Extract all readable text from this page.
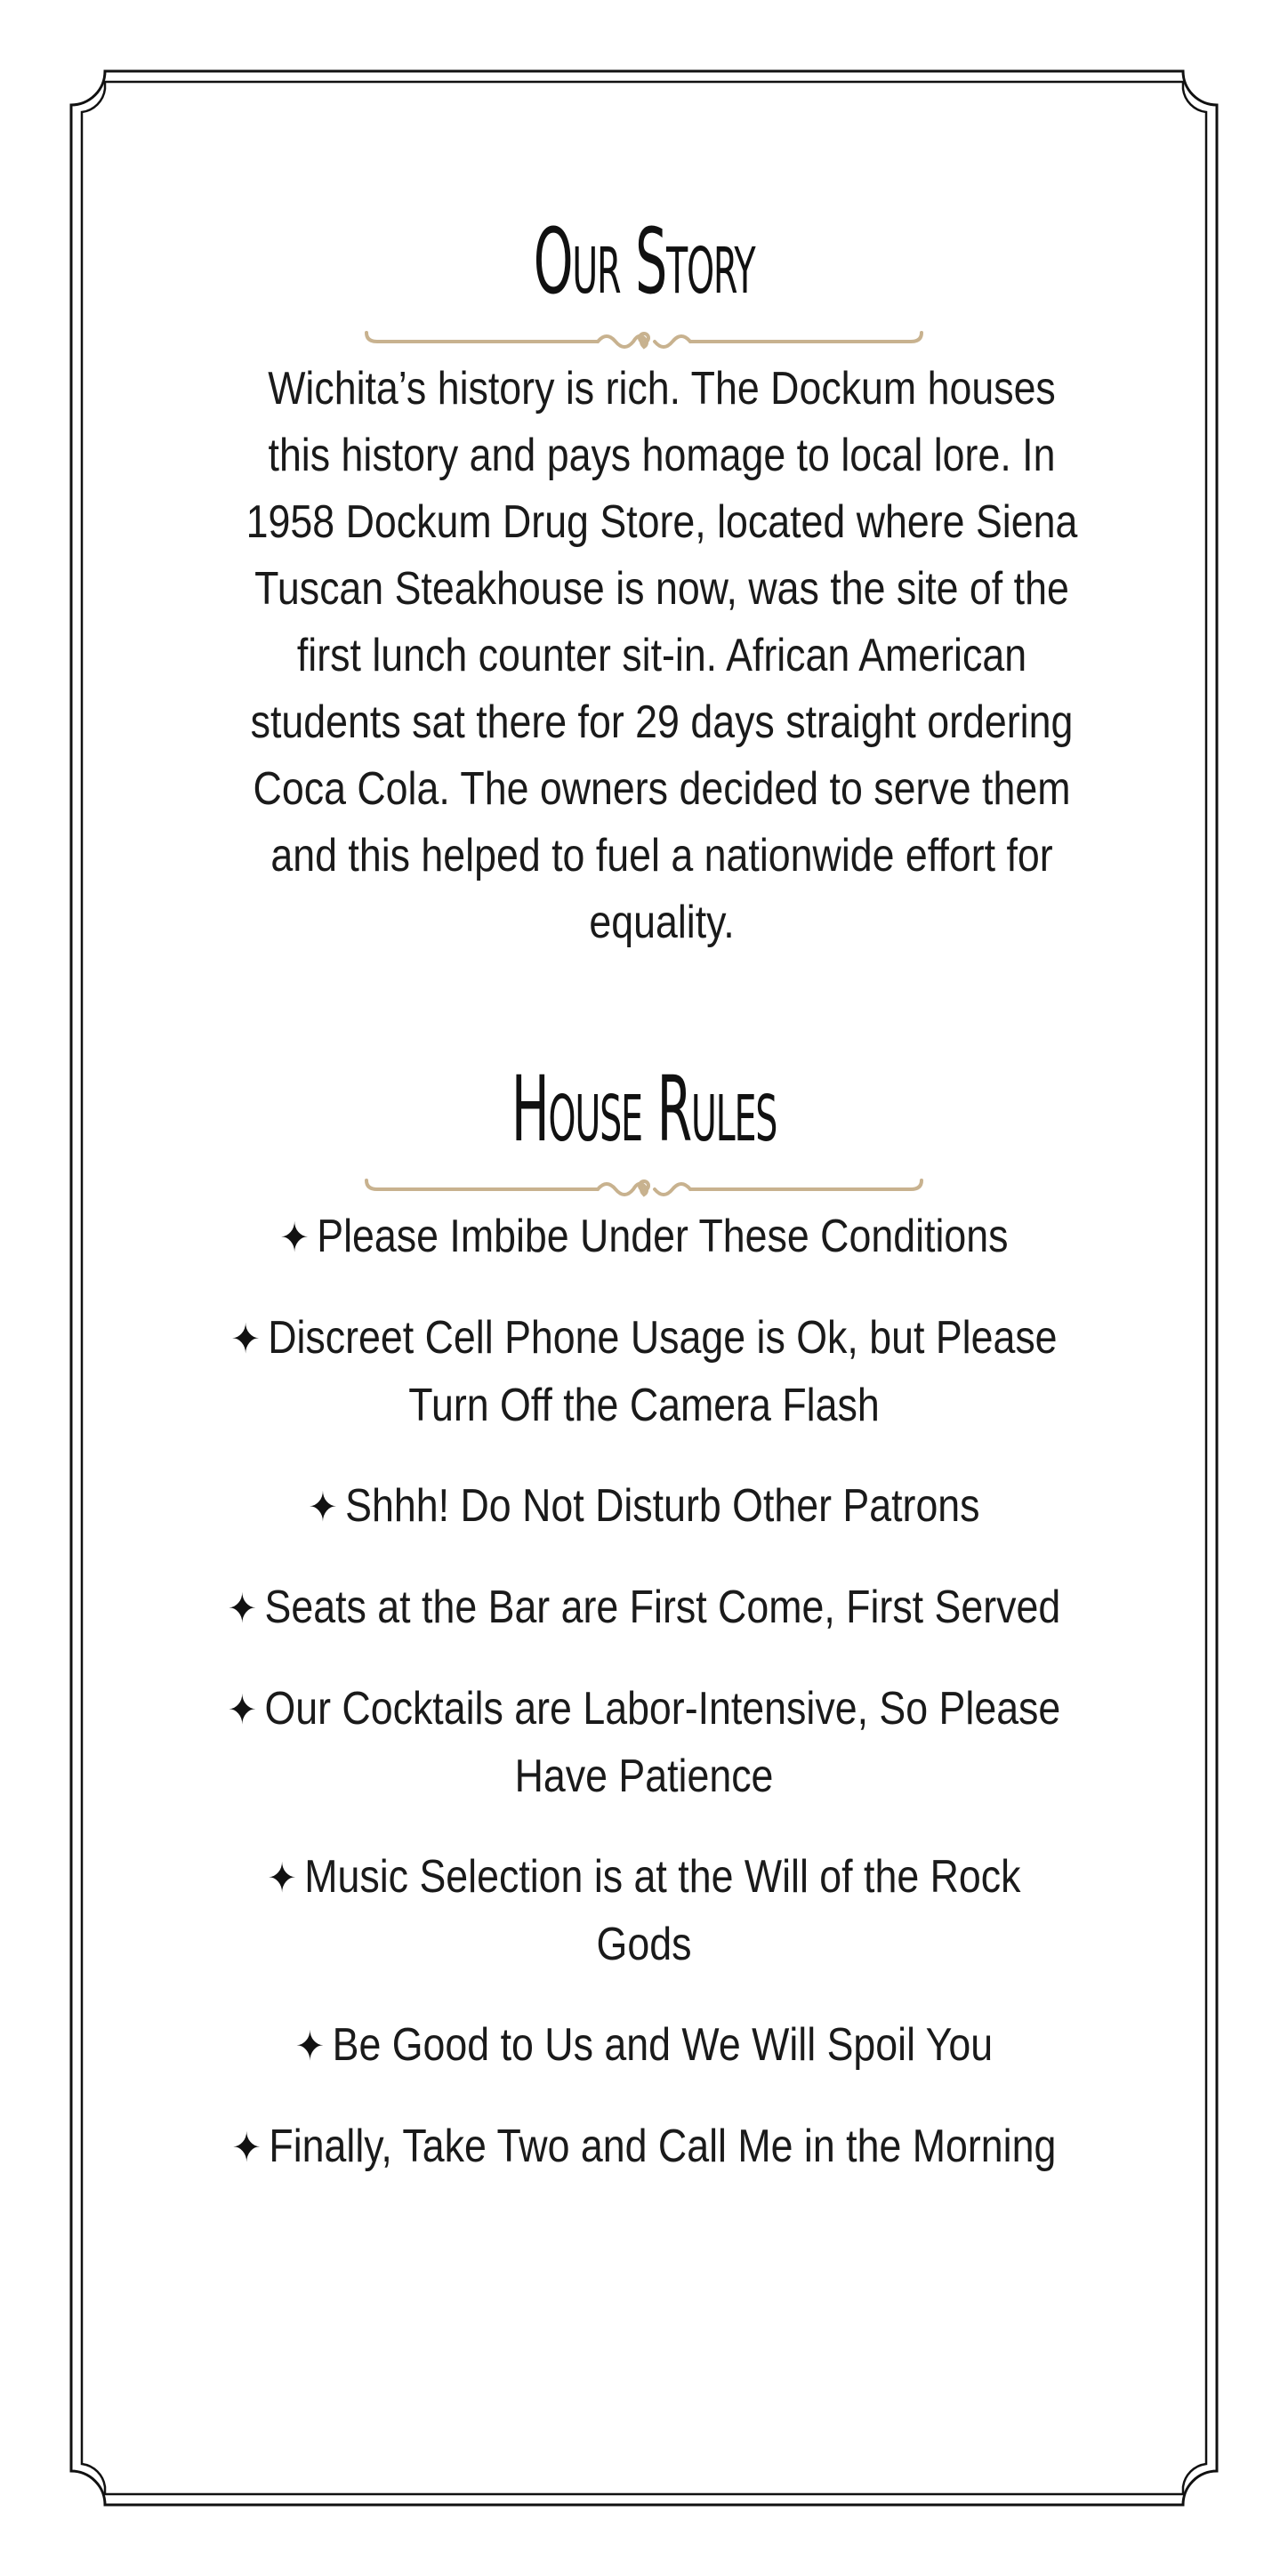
Our Story

Wichita’s history is rich. The Dockum houses this history and pays homage to local lore. In 1958 Dockum Drug Store, located where Siena Tuscan Steakhouse is now, was the site of the first lunch counter sit-in. African American students sat there for 29 days straight ordering Coca Cola. The owners decided to serve them and this helped to fuel a nationwide effort for equality.

House Rules
✦ Please Imbibe Under These Conditions
✦ Discreet Cell Phone Usage is Ok, but Please Turn Off the Camera Flash
✦ Shhh! Do Not Disturb Other Patrons
✦ Seats at the Bar are First Come, First Served
✦ Our Cocktails are Labor-Intensive, So Please Have Patience
✦ Music Selection is at the Will of the Rock Gods
✦ Be Good to Us and We Will Spoil You
✦ Finally, Take Two and Call Me in the Morning
